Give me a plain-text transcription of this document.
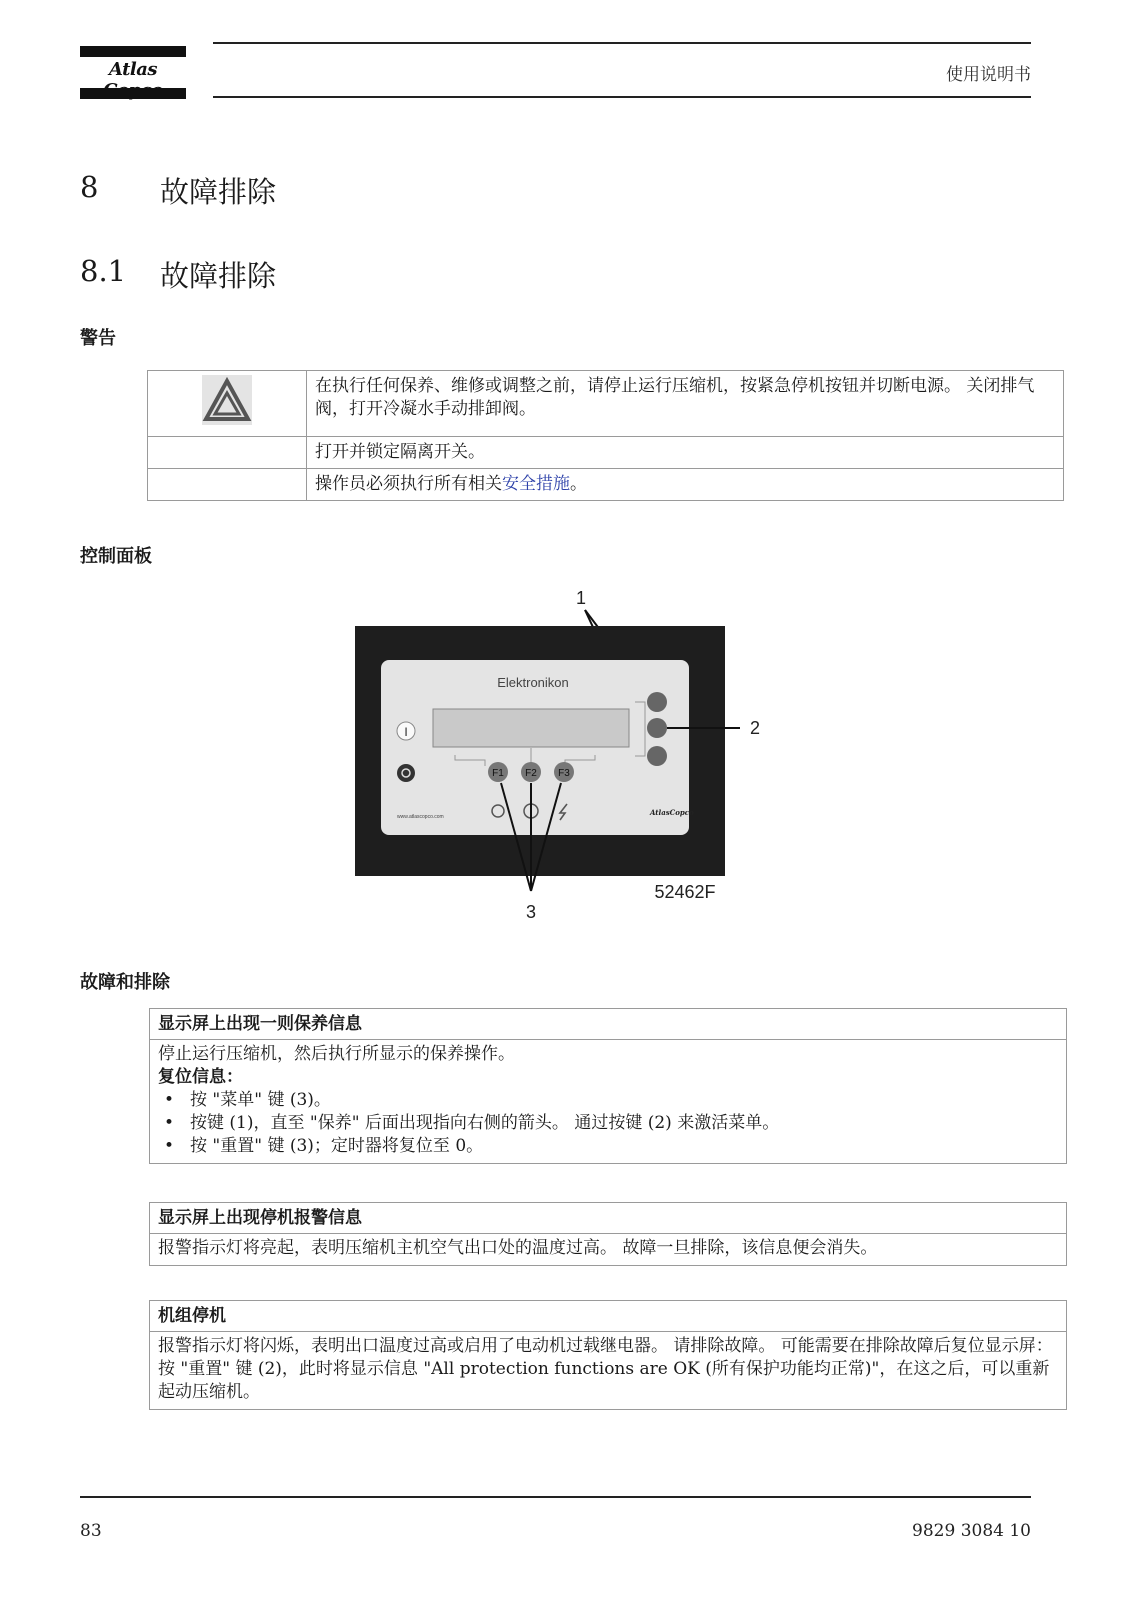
Atlas	使用说明书
8 故障排除
8.1 故障排除
警告
	在执行任何保养、维修或调整之前，请停止运行压缩机，按紧急停机按钮并切断电源。 关闭排气阀，打开冷凝水手动排卸阀。
	打开并锁定隔离开关。
	操作员必须执行所有相关安全措施。
控制面板
1
Elektronikon
I	2
F1 F2 F3
www.atlascopco.com	AtlasCopco
3
52462F
故障和排除
显示屏上出现一则保养信息
停止运行压缩机，然后执行所显示的保养操作。
复位信息：
• 按 "菜单" 键 (3)。
• 按键 (1)，直至 "保养" 后面出现指向右侧的箭头。 通过按键 (2) 来激活菜单。
• 按 "重置" 键 (3)；定时器将复位至 0。
显示屏上出现停机报警信息
报警指示灯将亮起，表明压缩机主机空气出口处的温度过高。 故障一旦排除，该信息便会消失。
机组停机
报警指示灯将闪烁，表明出口温度过高或启用了电动机过载继电器。 请排除故障。 可能需要在排除故障后复位显示屏：按 "重置" 键 (2)，此时将显示信息 "All protection functions are OK (所有保护功能均正常)"，在这之后，可以重新起动压缩机。
83	9829 3084 10
